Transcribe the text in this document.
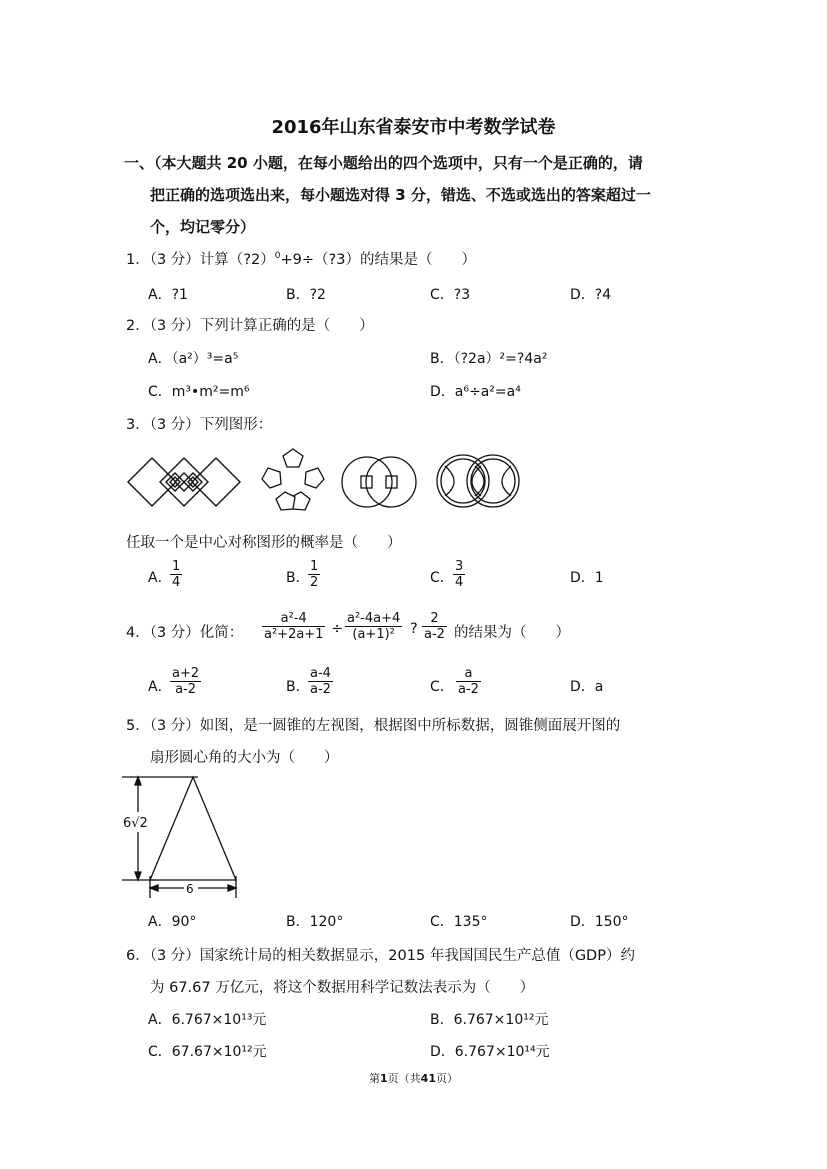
2016年山东省泰安市中考数学试卷
一、（本大题共 20 小题，在每小题给出的四个选项中，只有一个是正确的，请
把正确的选项选出来，每小题选对得 3 分，错选、不选或选出的答案超过一
个，均记零分）
1．（3 分）计算（?2）$^0$+9÷（?3）的结果是（　　）
A．?1	B．?2	C．?3	D．?4
2．（3 分）下列计算正确的是（　　）
A．（a²）³=a⁵	B．（?2a）²=?4a²
C．m³•m²=m⁶	D．a⁶÷a²=a⁴
3．（3 分）下列图形：
任取一个是中心对称图形的概率是（　　）
A．
1
4	B．
1
2	C．
3
4	D．1
4．（3 分）化简：
a²-4
a²+2a+1 ÷
a²-4a+4
(a+1)²	?
2
a-2 的结果为（　　）
A．
a+2
a-2	B．
a-4
a-2	C．
a
a-2	D．a
5．（3 分）如图，是一圆锥的左视图，根据图中所标数据，圆锥侧面展开图的
扇形圆心角的大小为（　　）
6√2
6
A．90°	B．120°	C．135°	D．150°
6．（3 分）国家统计局的相关数据显示，2015 年我国国民生产总值（GDP）约
为 67.67 万亿元，将这个数据用科学记数法表示为（　　）
A．6.767×10¹³元	B．6.767×10¹²元
C．67.67×10¹²元	D．6.767×10¹⁴元
第1页（共41页）
